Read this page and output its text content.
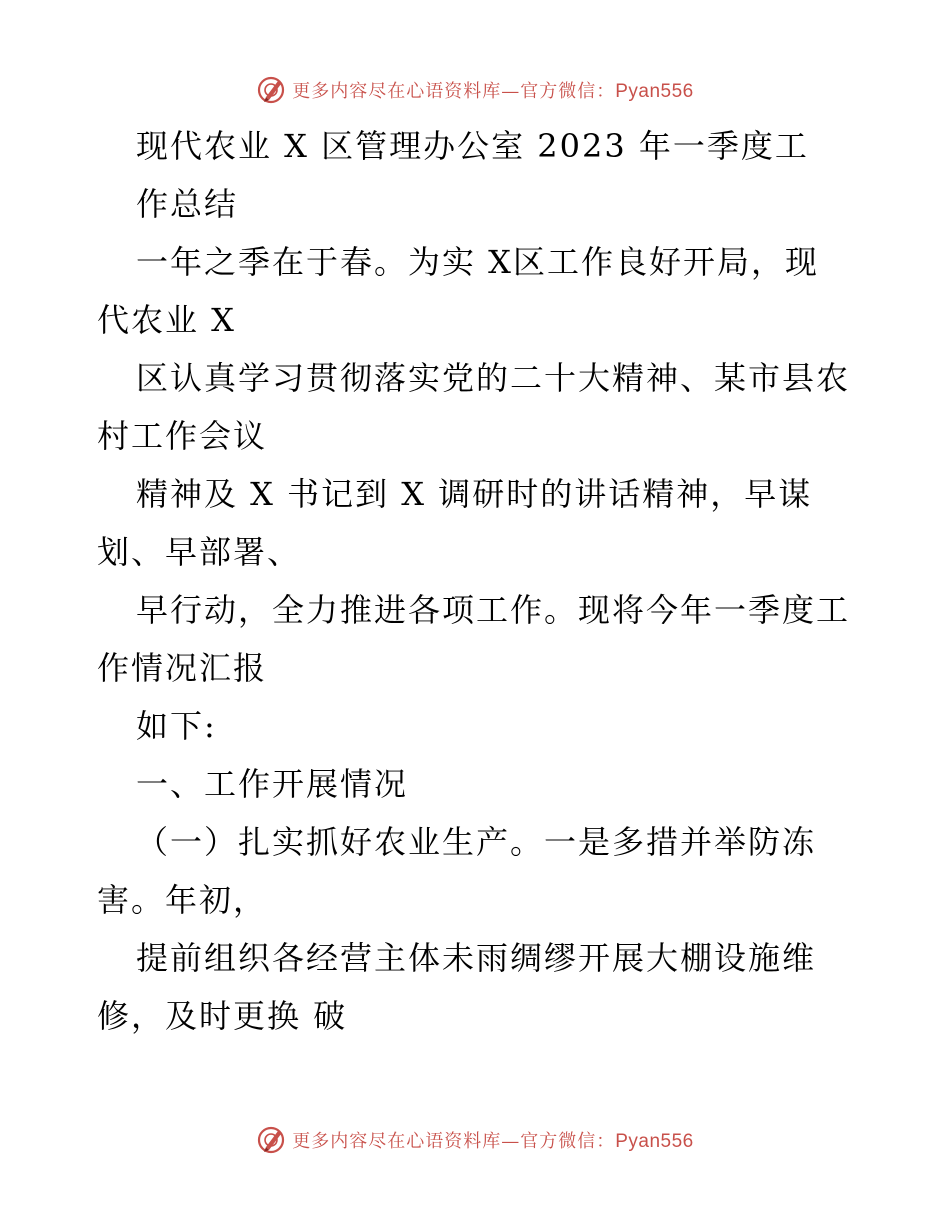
更多内容尽在心语资料库—官方微信：Pyan556
现代农业 X 区管理办公室 2023 年一季度工
作总结
一年之季在于春。为实 X区工作良好开局，现
代农业 X
区认真学习贯彻落实党的二十大精神、某市县农
村工作会议
精神及 X 书记到 X 调研时的讲话精神，早谋
划、早部署、
早行动，全力推进各项工作。现将今年一季度工
作情况汇报
如下:
一、工作开展情况
（一）扎实抓好农业生产。一是多措并举防冻
害。年初，
提前组织各经营主体未雨绸缪开展大棚设施维
修，及时更换 破
更多内容尽在心语资料库—官方微信：Pyan556
